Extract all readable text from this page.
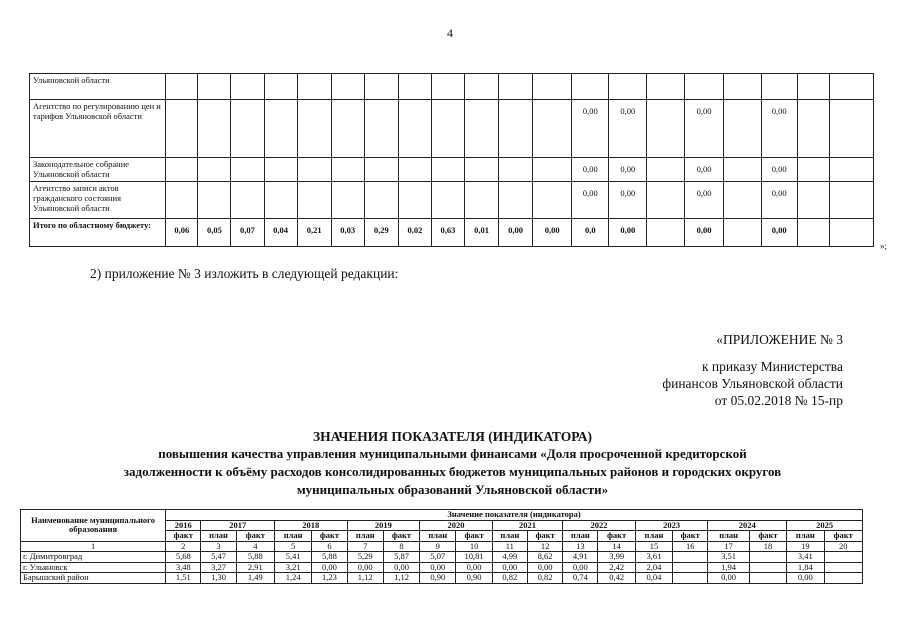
4
Ульяновской области																				
Агентство по регулированию цен и тарифов Ульяновской области													0,00	0,00		0,00		0,00		
Законодательное собрание Ульяновской области													0,00	0,00		0,00		0,00		
Агентство записи актов гражданского состояния Ульяновской области													0,00	0,00		0,00		0,00		
Итого по областному бюджету:	0,06	0,05	0,07	0,04	0,21	0,03	0,29	0,02	0,63	0,01	0,00	0,00	0,0	0,00		0,00		0,00		
»;
2) приложение № 3 изложить в следующей редакции:
«ПРИЛОЖЕНИЕ № 3
к приказу Министерства
финансов Ульяновской области
от 05.02.2018 № 15-пр
ЗНАЧЕНИЯ ПОКАЗАТЕЛЯ (ИНДИКАТОРА)
повышения качества управления муниципальными финансами «Доля просроченной кредиторской
задолженности к объёму расходов консолидированных бюджетов муниципальных районов и городских округов
муниципальных образований Ульяновской области»
Наименование муниципального образования	Значение показателя (индикатора)																		
	2016	2017		2018		2019		2020		2021		2022		2023		2024		2025	
	факт	план	факт	план	факт	план	факт	план	факт	план	факт	план	факт	план	факт	план	факт	план	факт
1	2	3	4	5	6	7	8	9	10	11	12	13	14	15	16	17	18	19	20
г. Димитровград	5,68	5,47	5,88	5,41	5,88	5,29	5,87	5,07	10,81	4,99	8,62	4,91	3,99	3,61		3,51		3,41	
г. Ульяновск	3,48	3,27	2,91	3,21	0,00	0,00	0,00	0,00	0,00	0,00	0,00	0,00	2,42	2,04		1,94		1,84	
Барышский район	1,51	1,30	1,49	1,24	1,23	1,12	1,12	0,90	0,90	0,82	0,82	0,74	0,42	0,04		0,00		0,00	
